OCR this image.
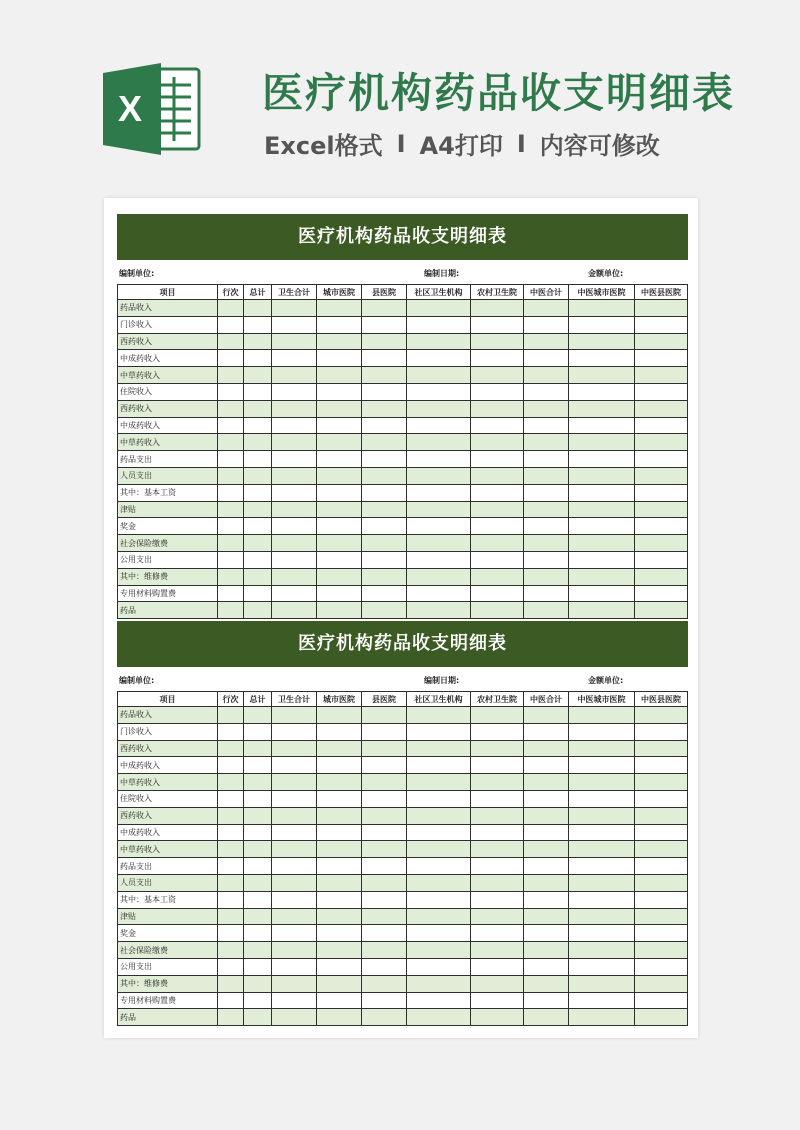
X	医疗机构药品收支明细表
Excel格式 I A4打印 I 内容可修改
医疗机构药品收支明细表
编制单位:	编制日期:	金额单位:
项目	行次	总计	卫生合计	城市医院	县医院	社区卫生机构	农村卫生院	中医合计	中医城市医院	中医县医院
药品收入										
门诊收入										
西药收入										
中成药收入										
中草药收入										
住院收入										
西药收入										
中成药收入										
中草药收入										
药品支出										
人员支出										
其中：基本工资										
津贴										
奖金										
社会保险缴费										
公用支出										
其中：维修费										
专用材料购置费										
药品										
医疗机构药品收支明细表
编制单位:	编制日期:	金额单位:
项目	行次	总计	卫生合计	城市医院	县医院	社区卫生机构	农村卫生院	中医合计	中医城市医院	中医县医院
药品收入										
门诊收入										
西药收入										
中成药收入										
中草药收入										
住院收入										
西药收入										
中成药收入										
中草药收入										
药品支出										
人员支出										
其中：基本工资										
津贴										
奖金										
社会保险缴费										
公用支出										
其中：维修费										
专用材料购置费										
药品										
